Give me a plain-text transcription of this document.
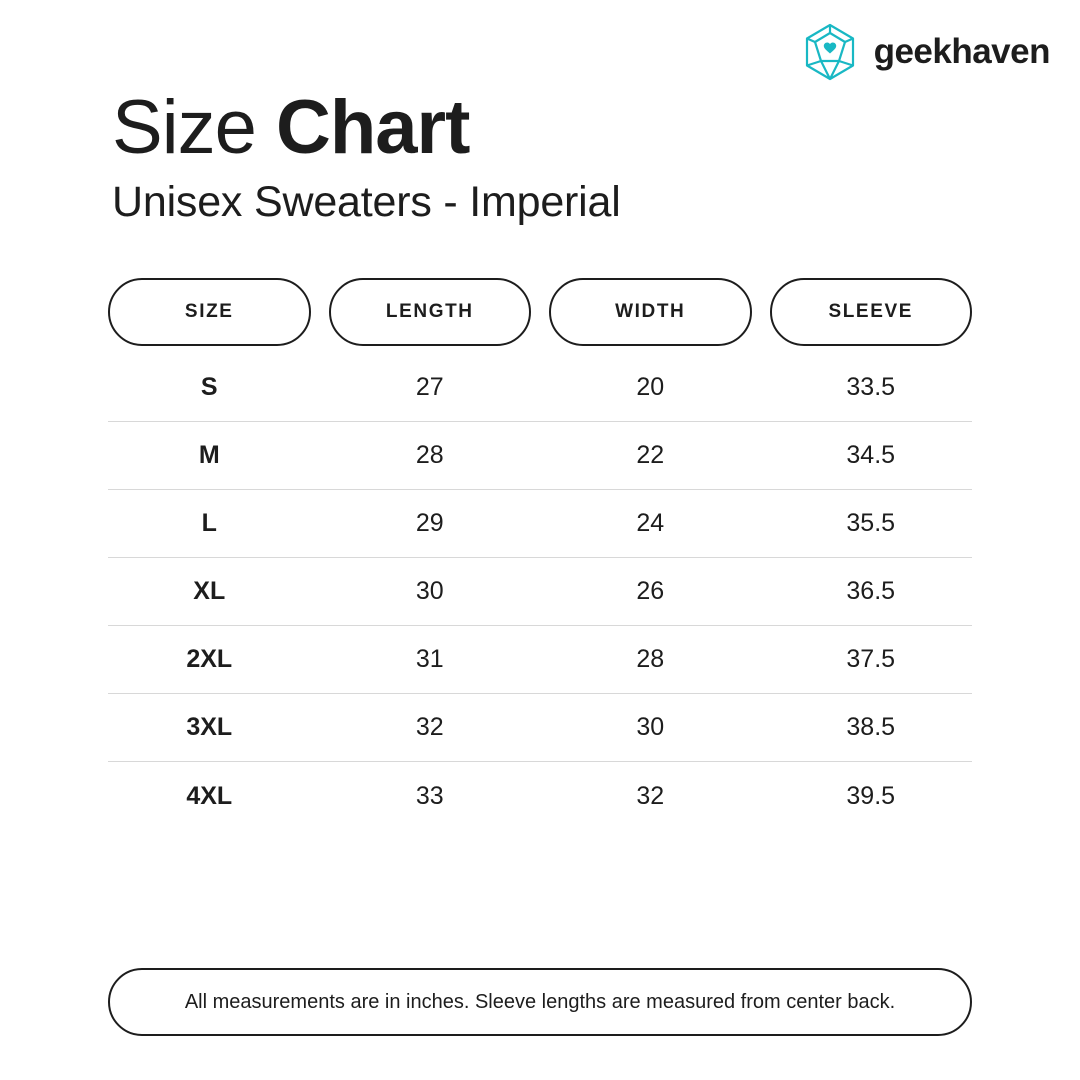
geekhaven
Size Chart
Unisex Sweaters - Imperial
SIZE	LENGTH	WIDTH	SLEEVE
S	27	20	33.5
M	28	22	34.5
L	29	24	35.5
XL	30	26	36.5
2XL	31	28	37.5
3XL	32	30	38.5
4XL	33	32	39.5
All measurements are in inches. Sleeve lengths are measured from center back.
